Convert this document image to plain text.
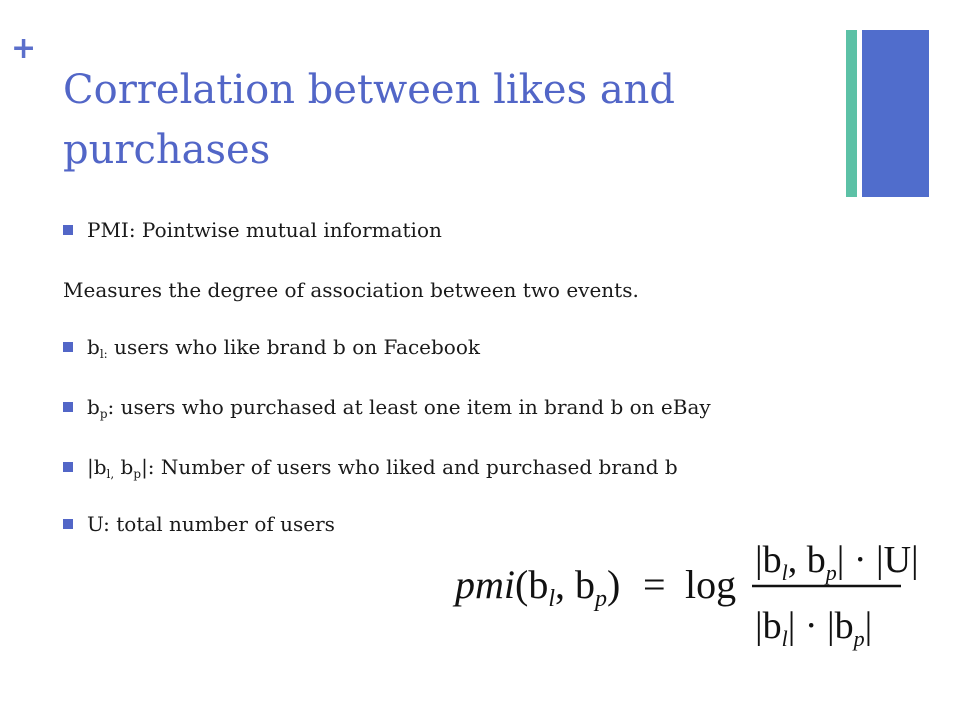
+
Correlation between likes and purchases
PMI: Pointwise mutual information
Measures the degree of association between two events.
$b_{l:}$ users who like brand b on Facebook
$b_p$: users who purchased at least one item in brand b on eBay
$|b_{l,}$ $b_p|$: Number of users who liked and purchased brand b
U: total number of users
$pmi(b_l$, $b_p) = \log$
$|b_l$, $b_p| \cdot |U|$
$|b_l| \cdot |b_p|$
